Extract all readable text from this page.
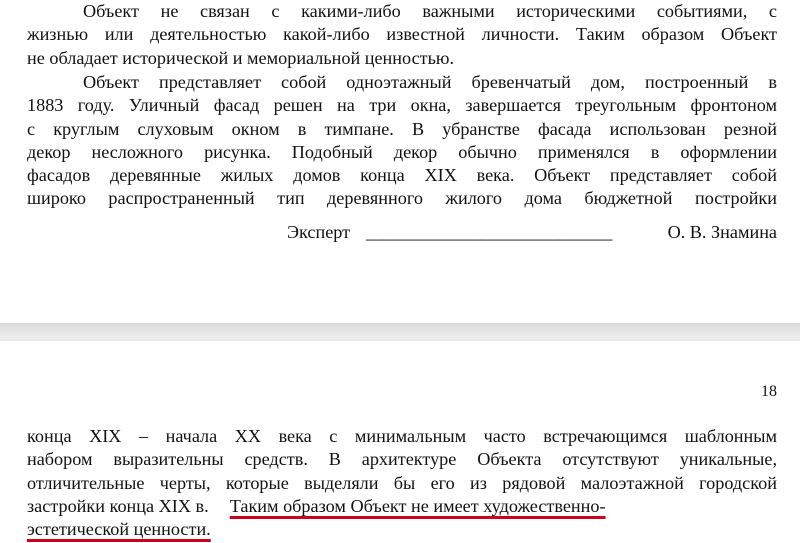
Объект не связан с какими-либо важными историческими событиями, с
жизнью или деятельностью какой-либо известной личности. Таким образом Объект
не обладает исторической и мемориальной ценностью.
Объект представляет собой одноэтажный бревенчатый дом, построенный в
1883 году. Уличный фасад решен на три окна, завершается треугольным фронтоном
с круглым слуховым окном в тимпане. В убранстве фасада использован резной
декор несложного рисунка. Подобный декор обычно применялся в оформлении
фасадов деревянные жилых домов конца XIX века. Объект представляет собой
широко распространенный тип деревянного жилого дома бюджетной постройки
Эксперт ____________________________	О. В. Знамина
18
конца XIX – начала XX века с минимальным часто встречающимся шаблонным
набором выразительны средств. В архитектуре Объекта отсутствуют уникальные,
отличительные черты, которые выделяли бы его из рядовой малоэтажной городской
застройки конца XIX в. Таким образом Объект не имеет художественно-
эстетической ценности.
